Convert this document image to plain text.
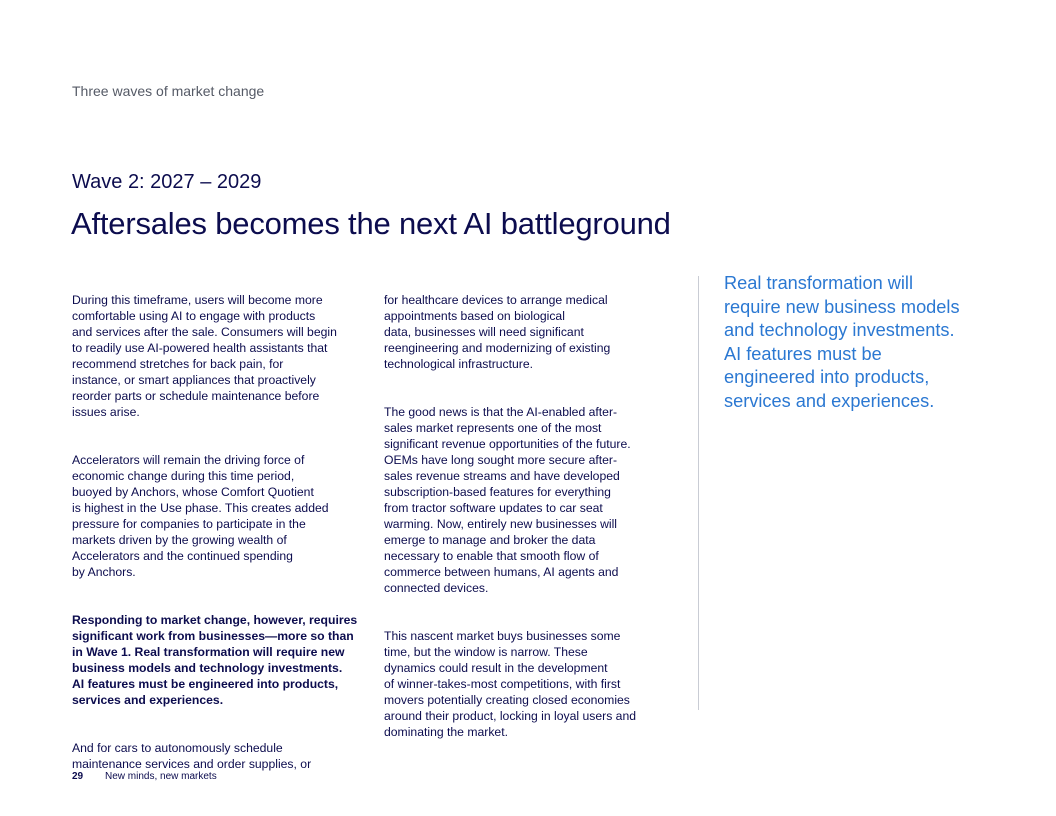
Three waves of market change
Wave 2: 2027 – 2029
Aftersales becomes the next AI battleground

During this timeframe, users will become more
comfortable using AI to engage with products
and services after the sale. Consumers will begin
to readily use AI-powered health assistants that
recommend stretches for back pain, for
instance, or smart appliances that proactively
reorder parts or schedule maintenance before
issues arise.

Accelerators will remain the driving force of
economic change during this time period,
buoyed by Anchors, whose Comfort Quotient
is highest in the Use phase. This creates added
pressure for companies to participate in the
markets driven by the growing wealth of
Accelerators and the continued spending
by Anchors.

Responding to market change, however, requires
significant work from businesses—more so than
in Wave 1. Real transformation will require new
business models and technology investments.
AI features must be engineered into products,
services and experiences.

And for cars to autonomously schedule
maintenance services and order supplies, or

for healthcare devices to arrange medical
appointments based on biological
data, businesses will need significant
reengineering and modernizing of existing
technological infrastructure.

The good news is that the AI-enabled after-
sales market represents one of the most
significant revenue opportunities of the future.
OEMs have long sought more secure after-
sales revenue streams and have developed
subscription-based features for everything
from tractor software updates to car seat
warming. Now, entirely new businesses will
emerge to manage and broker the data
necessary to enable that smooth flow of
commerce between humans, AI agents and
connected devices.

This nascent market buys businesses some
time, but the window is narrow. These
dynamics could result in the development
of winner-takes-most competitions, with first
movers potentially creating closed economies
around their product, locking in loyal users and
dominating the market.

Real transformation will
require new business models
and technology investments.
AI features must be
engineered into products,
services and experiences.
29 New minds, new markets
